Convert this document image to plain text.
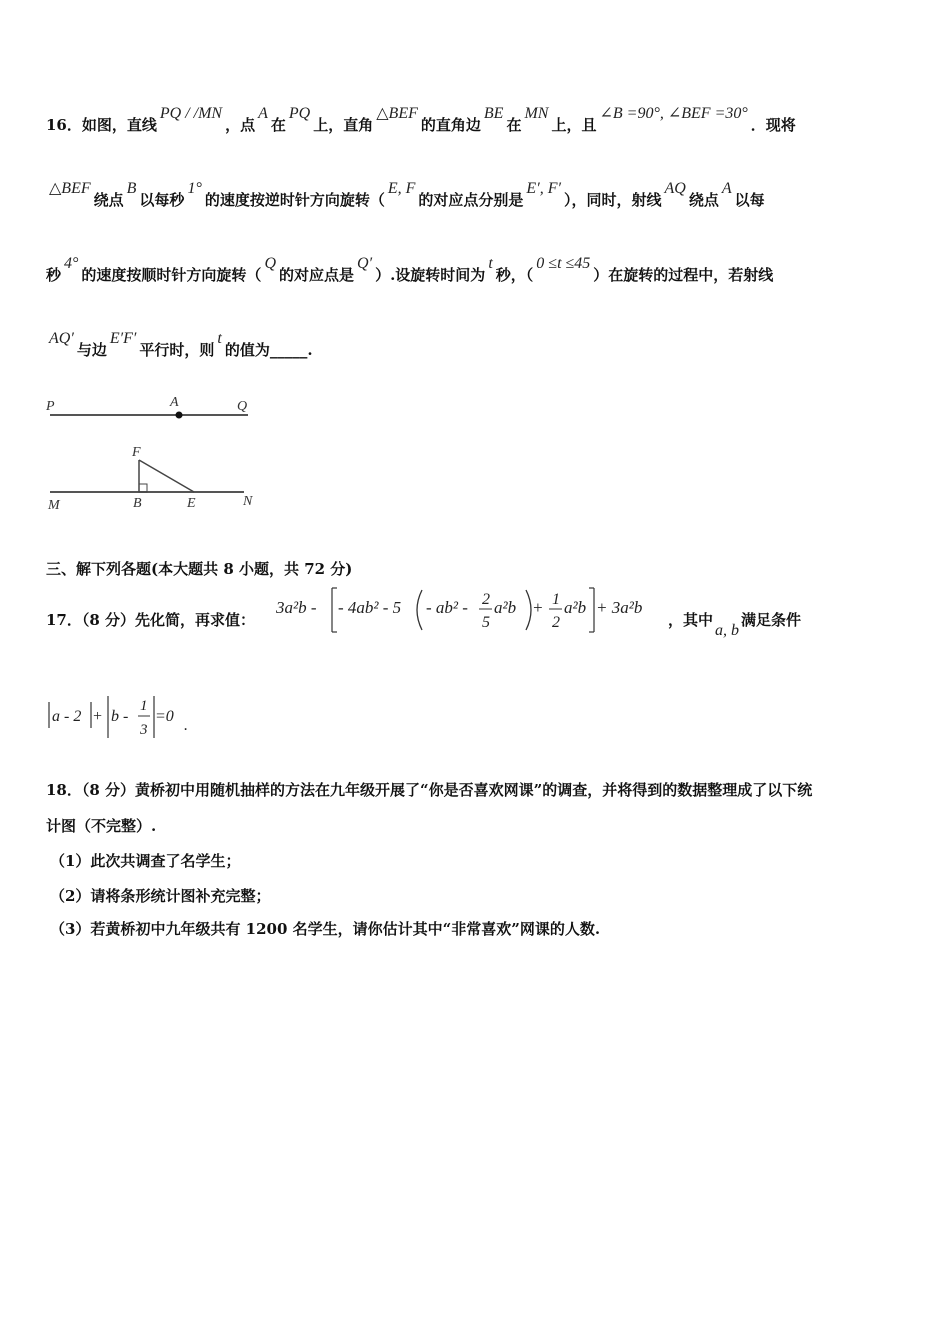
16．如图，直线PQ / /MN，点A在PQ上，直角△BEF的直角边BE在MN上，且∠B =90°, ∠BEF =30°．现将
△BEF绕点B以每秒1°的速度按逆时针方向旋转（E, F的对应点分别是E′, F′），同时，射线AQ绕点A以每
秒4°的速度按顺时针方向旋转（Q的对应点是Q′）.设旋转时间为t秒，（0 ≤t ≤45）在旋转的过程中，若射线
AQ′与边E′F′平行时，则t的值为_____.
P	A	Q
F
M	B	E	N
三、解下列各题(本大题共 8 小题，共 72 分)
17．（8 分）先化简，再求值：
3a²b - - 4ab² - 5 - ab² - 2
5
a²b + 1
2
a²b + 3a²b
，其中a, b满足条件
a - 2 + b -
1
3
=0
.
18．（8 分）黄桥初中用随机抽样的方法在九年级开展了“你是否喜欢网课”的调查，并将得到的数据整理成了以下统
计图（不完整）.
（1）此次共调查了名学生；
（2）请将条形统计图补充完整；
（3）若黄桥初中九年级共有 1200 名学生，请你估计其中“非常喜欢”网课的人数.
